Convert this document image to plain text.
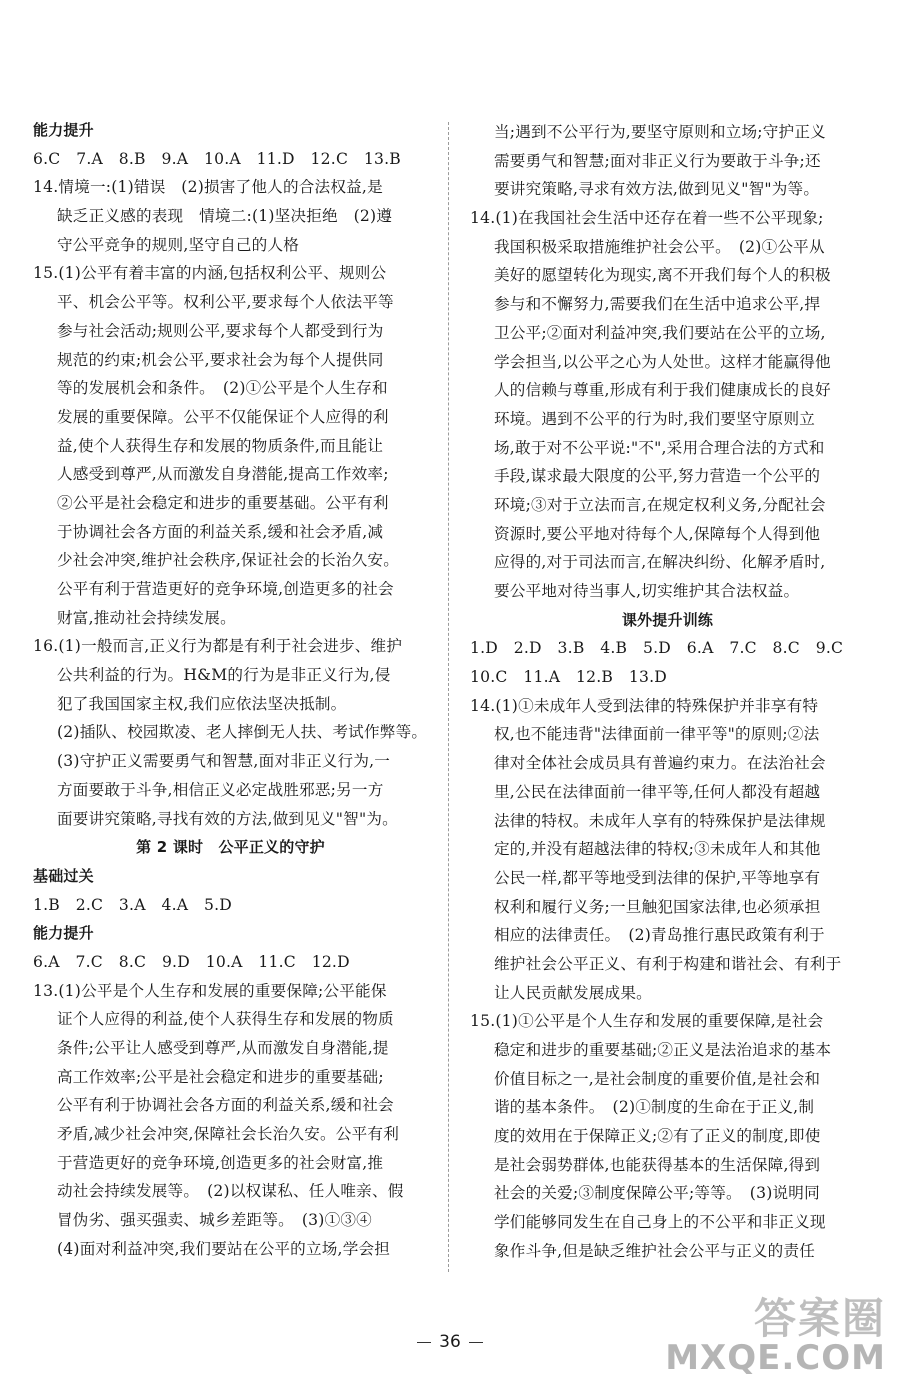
能力提升
6.C　7.A　8.B　9.A　10.A　11.D　12.C　13.B
14.情境一:(1)错误　(2)损害了他人的合法权益,是
缺乏正义感的表现　情境二:(1)坚决拒绝　(2)遵
守公平竞争的规则,坚守自己的人格
15.(1)公平有着丰富的内涵,包括权利公平、规则公
平、机会公平等。权利公平,要求每个人依法平等
参与社会活动;规则公平,要求每个人都受到行为
规范的约束;机会公平,要求社会为每个人提供同
等的发展机会和条件。　(2)①公平是个人生存和
发展的重要保障。公平不仅能保证个人应得的利
益,使个人获得生存和发展的物质条件,而且能让
人感受到尊严,从而激发自身潜能,提高工作效率;
②公平是社会稳定和进步的重要基础。公平有利
于协调社会各方面的利益关系,缓和社会矛盾,减
少社会冲突,维护社会秩序,保证社会的长治久安。
公平有利于营造更好的竞争环境,创造更多的社会
财富,推动社会持续发展。
16.(1)一般而言,正义行为都是有利于社会进步、维护
公共利益的行为。H&M的行为是非正义行为,侵
犯了我国国家主权,我们应依法坚决抵制。
(2)插队、校园欺凌、老人摔倒无人扶、考试作弊等。
(3)守护正义需要勇气和智慧,面对非正义行为,一
方面要敢于斗争,相信正义必定战胜邪恶;另一方
面要讲究策略,寻找有效的方法,做到见义"智"为。
第 2 课时　公平正义的守护
基础过关
1.B　2.C　3.A　4.A　5.D
能力提升
6.A　7.C　8.C　9.D　10.A　11.C　12.D
13.(1)公平是个人生存和发展的重要保障;公平能保
证个人应得的利益,使个人获得生存和发展的物质
条件;公平让人感受到尊严,从而激发自身潜能,提
高工作效率;公平是社会稳定和进步的重要基础;
公平有利于协调社会各方面的利益关系,缓和社会
矛盾,减少社会冲突,保障社会长治久安。公平有利
于营造更好的竞争环境,创造更多的社会财富,推
动社会持续发展等。　(2)以权谋私、任人唯亲、假
冒伪劣、强买强卖、城乡差距等。　(3)①③④
(4)面对利益冲突,我们要站在公平的立场,学会担
当;遇到不公平行为,要坚守原则和立场;守护正义
需要勇气和智慧;面对非正义行为要敢于斗争;还
要讲究策略,寻求有效方法,做到见义"智"为等。
14.(1)在我国社会生活中还存在着一些不公平现象;
我国积极采取措施维护社会公平。　(2)①公平从
美好的愿望转化为现实,离不开我们每个人的积极
参与和不懈努力,需要我们在生活中追求公平,捍
卫公平;②面对利益冲突,我们要站在公平的立场,
学会担当,以公平之心为人处世。这样才能赢得他
人的信赖与尊重,形成有利于我们健康成长的良好
环境。遇到不公平的行为时,我们要坚守原则立
场,敢于对不公平说:"不",采用合理合法的方式和
手段,谋求最大限度的公平,努力营造一个公平的
环境;③对于立法而言,在规定权利义务,分配社会
资源时,要公平地对待每个人,保障每个人得到他
应得的,对于司法而言,在解决纠纷、化解矛盾时,
要公平地对待当事人,切实维护其合法权益。
课外提升训练
1.D　2.D　3.B　4.B　5.D　6.A　7.C　8.C　9.C
10.C　11.A　12.B　13.D
14.(1)①未成年人受到法律的特殊保护并非享有特
权,也不能违背"法律面前一律平等"的原则;②法
律对全体社会成员具有普遍约束力。在法治社会
里,公民在法律面前一律平等,任何人都没有超越
法律的特权。未成年人享有的特殊保护是法律规
定的,并没有超越法律的特权;③未成年人和其他
公民一样,都平等地受到法律的保护,平等地享有
权利和履行义务;一旦触犯国家法律,也必须承担
相应的法律责任。　(2)青岛推行惠民政策有利于
维护社会公平正义、有利于构建和谐社会、有利于
让人民贡献发展成果。
15.(1)①公平是个人生存和发展的重要保障,是社会
稳定和进步的重要基础;②正义是法治追求的基本
价值目标之一,是社会制度的重要价值,是社会和
谐的基本条件。　(2)①制度的生命在于正义,制
度的效用在于保障正义;②有了正义的制度,即使
是社会弱势群体,也能获得基本的生活保障,得到
社会的关爱;③制度保障公平;等等。　(3)说明同
学们能够同发生在自己身上的不公平和非正义现
象作斗争,但是缺乏维护社会公平与正义的责任
36	答案圈
MXQE.COM
